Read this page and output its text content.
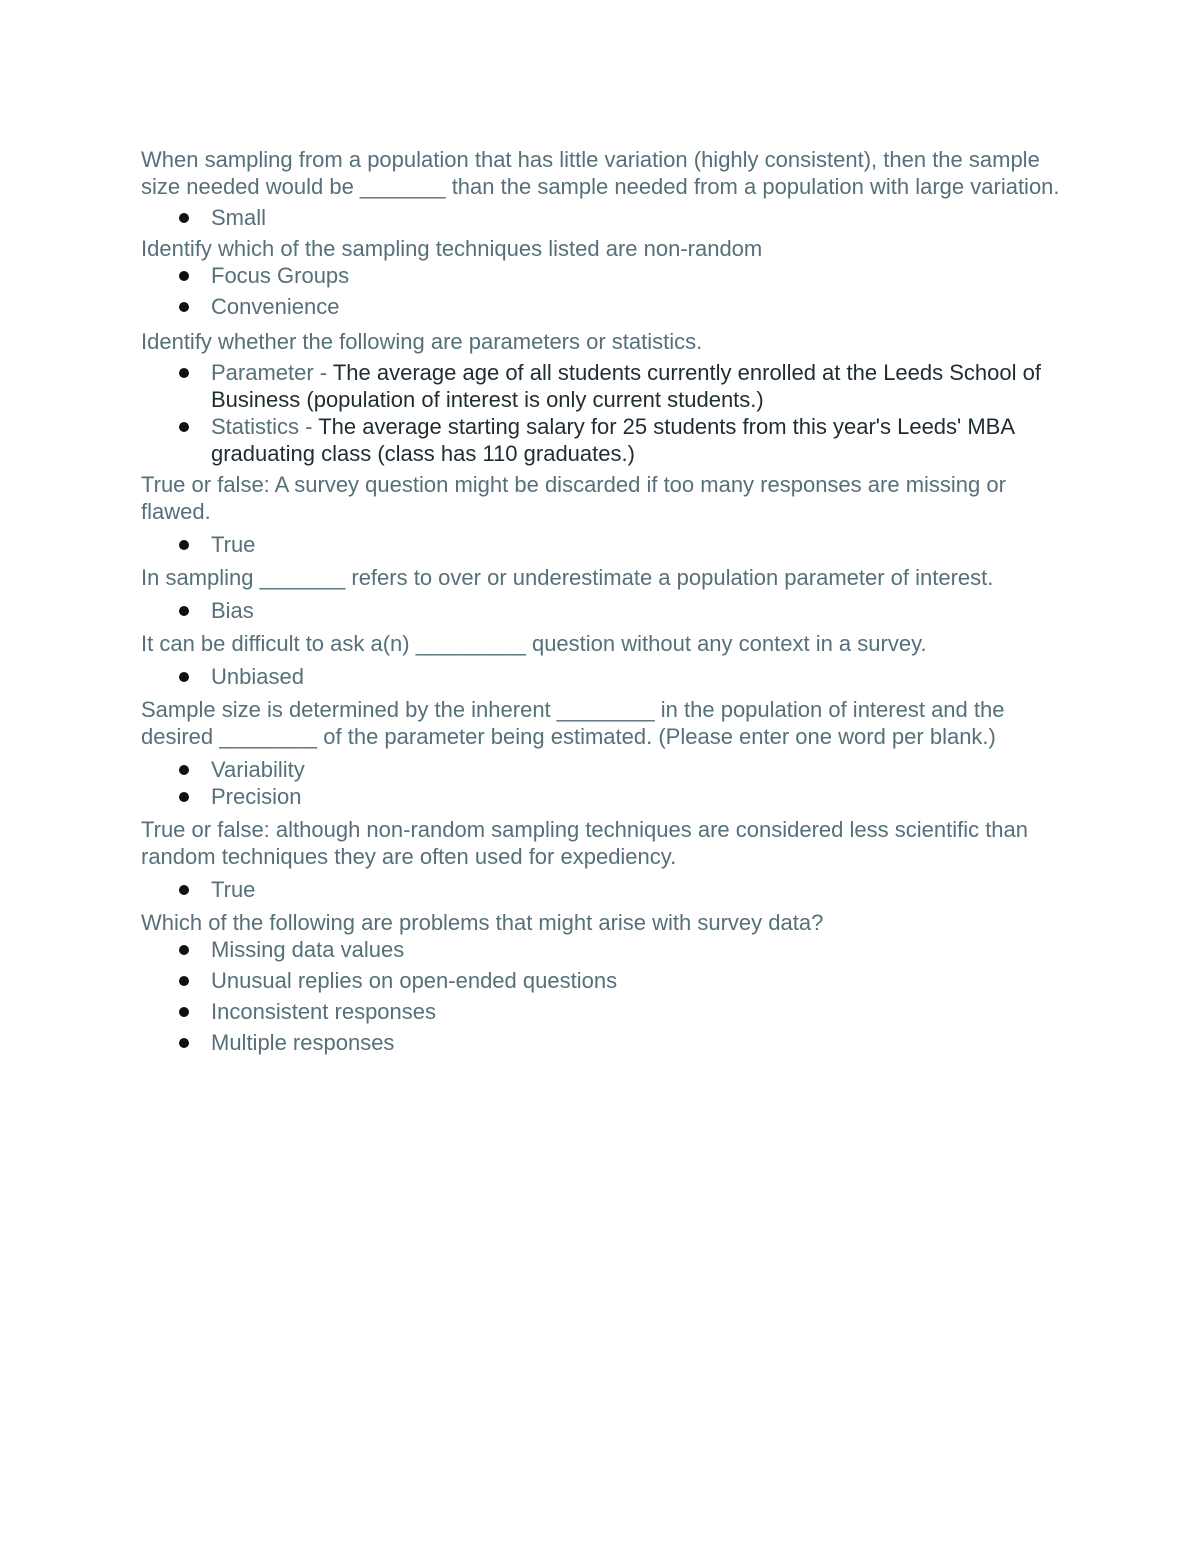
When sampling from a population that has little variation (highly consistent), then the sample size needed would be _______ than the sample needed from a population with large variation.

Small

Identify which of the sampling techniques listed are non-random

Focus Groups
Convenience

Identify whether the following are parameters or statistics.

Parameter - The average age of all students currently enrolled at the Leeds School of Business (population of interest is only current students.)
Statistics - The average starting salary for 25 students from this year's Leeds' MBA graduating class (class has 110 graduates.)

True or false: A survey question might be discarded if too many responses are missing or flawed.

True

In sampling _______ refers to over or underestimate a population parameter of interest.

Bias

It can be difficult to ask a(n) _________ question without any context in a survey.

Unbiased

Sample size is determined by the inherent ________ in the population of interest and the desired ________ of the parameter being estimated. (Please enter one word per blank.)

Variability
Precision

True or false: although non-random sampling techniques are considered less scientific than random techniques they are often used for expediency.

True

Which of the following are problems that might arise with survey data?

Missing data values
Unusual replies on open-ended questions
Inconsistent responses
Multiple responses
